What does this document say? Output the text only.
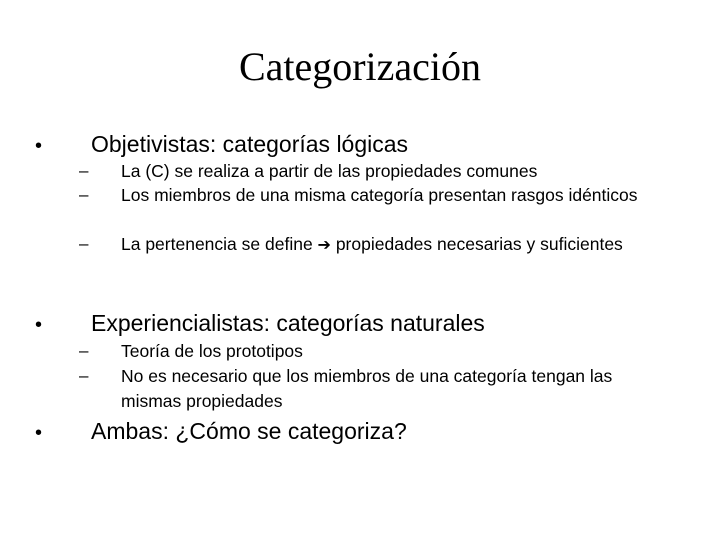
Categorización
• Objetivistas: categorías lógicas
– La (C) se realiza a partir de las propiedades comunes
– Los miembros de una misma categoría presentan rasgos idénticos
– La pertenencia se define ➔ propiedades necesarias y suficientes
• Experiencialistas: categorías naturales
– Teoría de los prototipos
– No es necesario que los miembros de una categoría tengan las mismas propiedades
• Ambas: ¿Cómo se categoriza?
